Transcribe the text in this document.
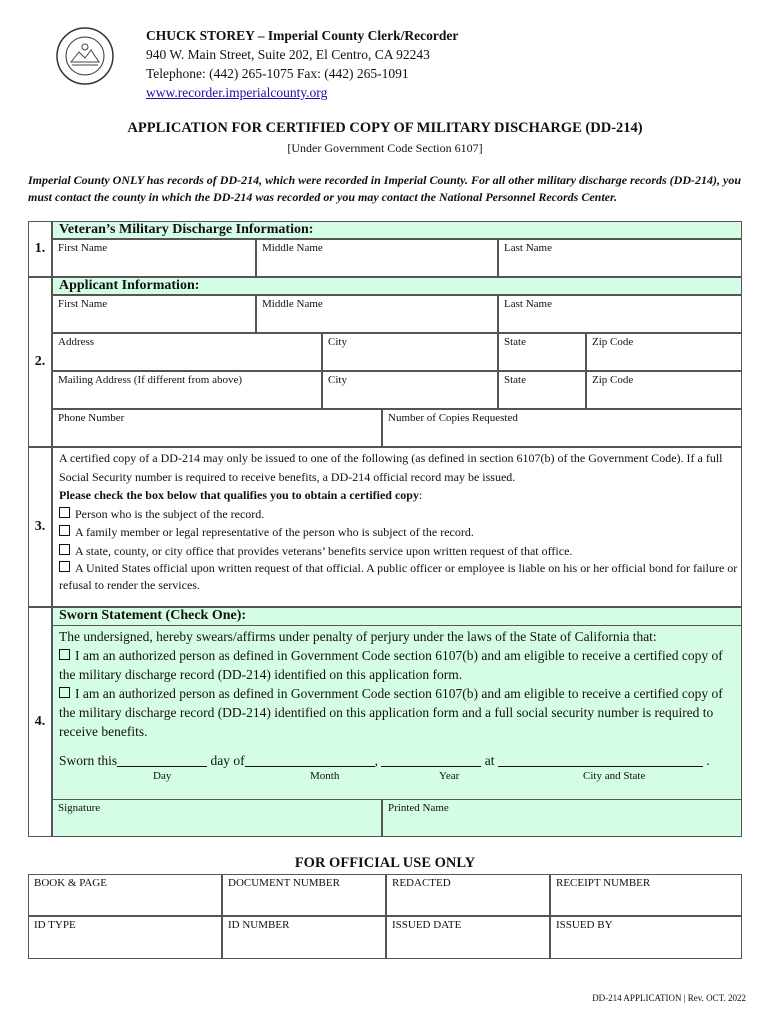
CHUCK STOREY – Imperial County Clerk/Recorder
940 W. Main Street, Suite 202, El Centro, CA 92243
Telephone: (442) 265-1075 Fax: (442) 265-1091
www.recorder.imperialcounty.org
APPLICATION FOR CERTIFIED COPY OF MILITARY DISCHARGE (DD-214)
[Under Government Code Section 6107]
Imperial County ONLY has records of DD-214, which were recorded in Imperial County. For all other military discharge records (DD-214), you must contact the county in which the DD-214 was recorded or you may contact the National Personnel Records Center.
1.
Veteran’s Military Discharge Information:
First Name	Middle Name	Last Name
2.
Applicant Information:
First Name	Middle Name	Last Name
Address	City	State	Zip Code
Mailing Address (If different from above)	City	State	Zip Code
Phone Number	Number of Copies Requested
3.
A certified copy of a DD-214 may only be issued to one of the following (as defined in section 6107(b) of the Government Code). If a full Social Security number is required to receive benefits, a DD-214 official record may be issued.
Please check the box below that qualifies you to obtain a certified copy:
Person who is the subject of the record.
A family member or legal representative of the person who is subject of the record.
A state, county, or city office that provides veterans’ benefits service upon written request of that office.
A United States official upon written request of that official. A public officer or employee is liable on his or her official bond for failure or refusal to render the services.
4.
Sworn Statement (Check One):
The undersigned, hereby swears/affirms under penalty of perjury under the laws of the State of California that:
I am an authorized person as defined in Government Code section 6107(b) and am eligible to receive a certified copy of the military discharge record (DD-214) identified on this application form.
I am an authorized person as defined in Government Code section 6107(b) and am eligible to receive a certified copy of the military discharge record (DD-214) identified on this application form and a full social security number is required to receive benefits.
Sworn this	day of	,	at	.
Day	Month	Year	City and State
Signature	Printed Name
FOR OFFICIAL USE ONLY
BOOK & PAGE	DOCUMENT NUMBER	REDACTED	RECEIPT NUMBER
ID TYPE	ID NUMBER	ISSUED DATE	ISSUED BY
DD-214 APPLICATION | Rev. OCT. 2022
